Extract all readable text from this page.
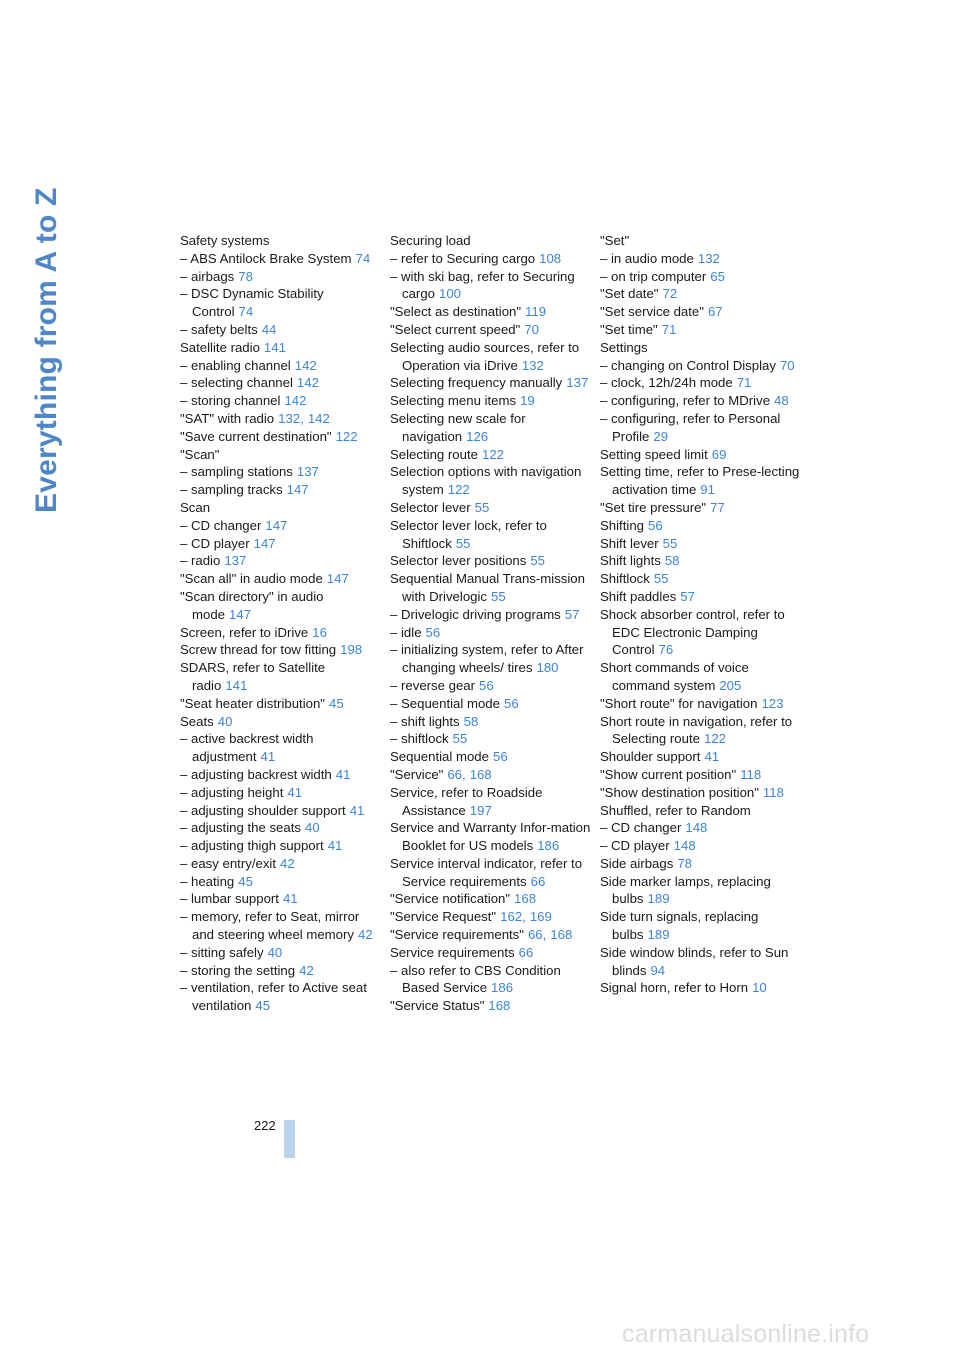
Everything from A to Z	Safety systems

– ABS Antilock Brake System 74

– airbags 78

– DSC Dynamic Stability Control 74

– safety belts 44

Satellite radio 141

– enabling channel 142

– selecting channel 142

– storing channel 142

"SAT" with radio 132, 142

"Save current destination" 122

"Scan"

– sampling stations 137

– sampling tracks 147

Scan

– CD changer 147

– CD player 147

– radio 137

"Scan all" in audio mode 147

"Scan directory" in audio mode 147

Screen, refer to iDrive 16

Screw thread for tow fitting 198

SDARS, refer to Satellite radio 141

"Seat heater distribution" 45

Seats 40

– active backrest width adjustment 41

– adjusting backrest width 41

– adjusting height 41

– adjusting shoulder support 41

– adjusting the seats 40

– adjusting thigh support 41

– easy entry/exit 42

– heating 45

– lumbar support 41

– memory, refer to Seat, mirror and steering wheel memory 42

– sitting safely 40

– storing the setting 42

– ventilation, refer to Active seat ventilation 45

Securing load

– refer to Securing cargo 108

– with ski bag, refer to Securing cargo 100

"Select as destination" 119

"Select current speed" 70

Selecting audio sources, refer to Operation via iDrive 132

Selecting frequency manually 137

Selecting menu items 19

Selecting new scale for navigation 126

Selecting route 122

Selection options with navigation system 122

Selector lever 55

Selector lever lock, refer to Shiftlock 55

Selector lever positions 55

Sequential Manual Trans-mission with Drivelogic 55

– Drivelogic driving programs 57

– idle 56

– initializing system, refer to After changing wheels/ tires 180

– reverse gear 56

– Sequential mode 56

– shift lights 58

– shiftlock 55

Sequential mode 56

"Service" 66, 168

Service, refer to Roadside Assistance 197

Service and Warranty Infor-mation Booklet for US models 186

Service interval indicator, refer to Service requirements 66

"Service notification" 168

"Service Request" 162, 169

"Service requirements" 66, 168

Service requirements 66

– also refer to CBS Condition Based Service 186

"Service Status" 168

"Set"

– in audio mode 132

– on trip computer 65

"Set date" 72

"Set service date" 67

"Set time" 71

Settings

– changing on Control Display 70

– clock, 12h/24h mode 71

– configuring, refer to MDrive 48

– configuring, refer to Personal Profile 29

Setting speed limit 69

Setting time, refer to Prese-lecting activation time 91

"Set tire pressure" 77

Shifting 56

Shift lever 55

Shift lights 58

Shiftlock 55

Shift paddles 57

Shock absorber control, refer to EDC Electronic Damping Control 76

Short commands of voice command system 205

"Short route" for navigation 123

Short route in navigation, refer to Selecting route 122

Shoulder support 41

"Show current position" 118

"Show destination position" 118

Shuffled, refer to Random

– CD changer 148

– CD player 148

Side airbags 78

Side marker lamps, replacing bulbs 189

Side turn signals, replacing bulbs 189

Side window blinds, refer to Sun blinds 94

Signal horn, refer to Horn 10

222
carmanualsonline.info
